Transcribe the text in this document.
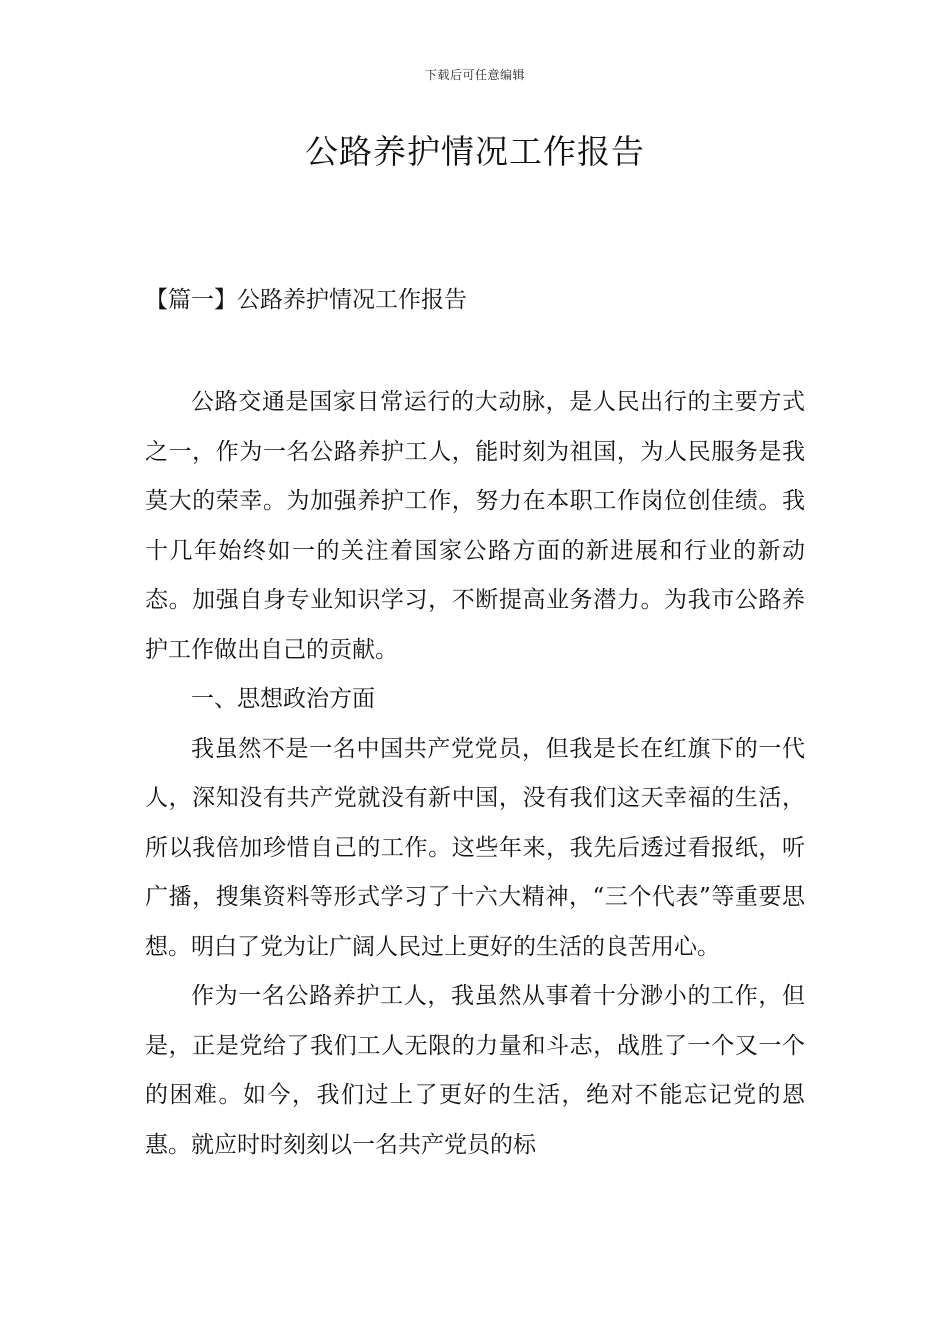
下载后可任意编辑
公路养护情况工作报告
【篇一】公路养护情况工作报告

公路交通是国家日常运行的大动脉，是人民出行的主要方式之一，作为一名公路养护工人，能时刻为祖国，为人民服务是我莫大的荣幸。为加强养护工作，努力在本职工作岗位创佳绩。我十几年始终如一的关注着国家公路方面的新进展和行业的新动态。加强自身专业知识学习，不断提高业务潜力。为我市公路养护工作做出自己的贡献。

一、思想政治方面

我虽然不是一名中国共产党党员，但我是长在红旗下的一代人，深知没有共产党就没有新中国，没有我们这天幸福的生活，所以我倍加珍惜自己的工作。这些年来，我先后透过看报纸，听广播，搜集资料等形式学习了十六大精神，“三个代表”等重要思想。明白了党为让广阔人民过上更好的生活的良苦用心。

作为一名公路养护工人，我虽然从事着十分渺小的工作，但是，正是党给了我们工人无限的力量和斗志，战胜了一个又一个的困难。如今，我们过上了更好的生活，绝对不能忘记党的恩惠。就应时时刻刻以一名共产党员的标
